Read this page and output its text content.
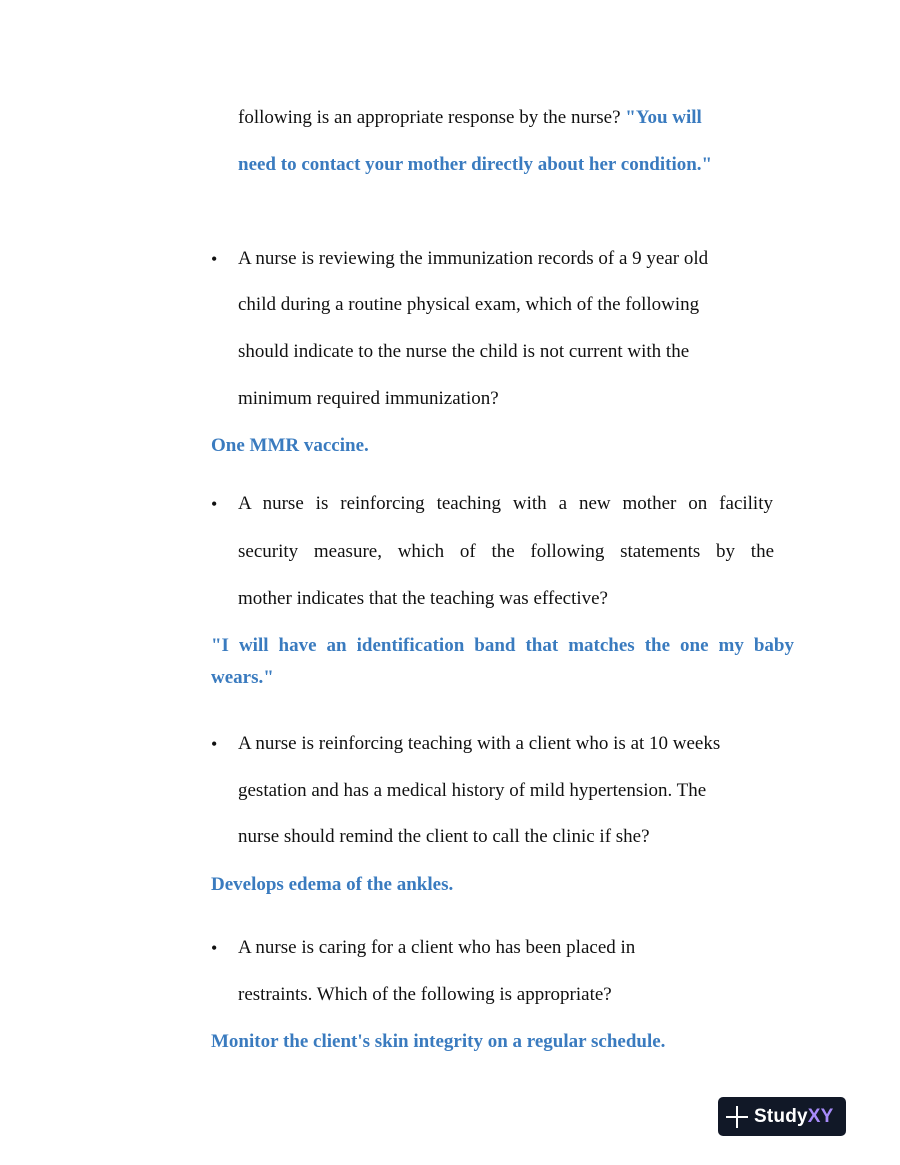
following is an appropriate response by the nurse? "You will
need to contact your mother directly about her condition."
• A nurse is reviewing the immunization records of a 9 year old
child during a routine physical exam, which of the following
should indicate to the nurse the child is not current with the
minimum required immunization?
One MMR vaccine.
• A nurse is reinforcing teaching with a new mother on facility
security measure, which of the following statements by the
mother indicates that the teaching was effective?
"I will have an identification band that matches the one my baby
wears."
• A nurse is reinforcing teaching with a client who is at 10 weeks
gestation and has a medical history of mild hypertension. The
nurse should remind the client to call the clinic if she?
Develops edema of the ankles.
• A nurse is caring for a client who has been placed in
restraints. Which of the following is appropriate?
Monitor the client's skin integrity on a regular schedule.
StudyXY
